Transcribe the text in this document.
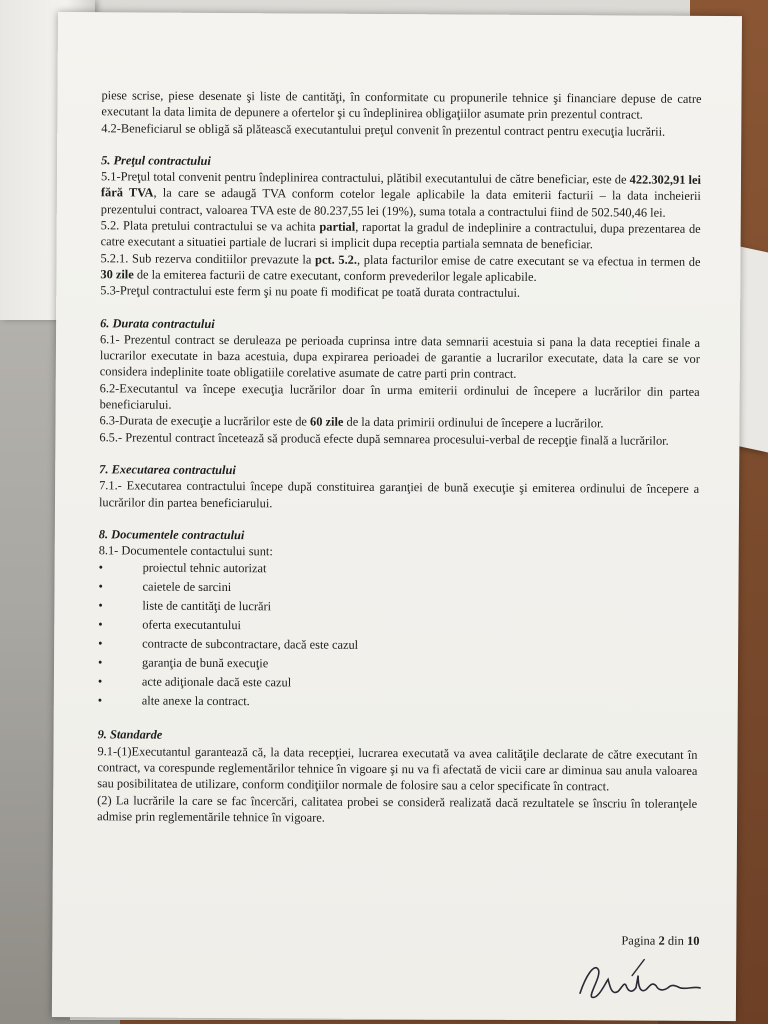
piese scrise, piese desenate şi liste de cantităţi, în conformitate cu propunerile tehnice şi financiare depuse de catre executant la data limita de depunere a ofertelor şi cu îndeplinirea obligaţiilor asumate prin prezentul contract.

4.2-Beneficiarul se obligă să plătească executantului preţul convenit în prezentul contract pentru execuţia lucrării.

5. Preţul contractului

5.1-Preţul total convenit pentru îndeplinirea contractului, plătibil executantului de către beneficiar, este de 422.302,91 lei fără TVA, la care se adaugă TVA conform cotelor legale aplicabile la data emiterii facturii – la data incheierii prezentului contract, valoarea TVA este de 80.237,55 lei (19%), suma totala a contractului fiind de 502.540,46 lei.

5.2. Plata pretului contractului se va achita partial, raportat la gradul de indeplinire a contractului, dupa prezentarea de catre executant a situatiei partiale de lucrari si implicit dupa receptia partiala semnata de beneficiar.

5.2.1. Sub rezerva conditiilor prevazute la pct. 5.2., plata facturilor emise de catre executant se va efectua in termen de 30 zile de la emiterea facturii de catre executant, conform prevederilor legale aplicabile.

5.3-Preţul contractului este ferm şi nu poate fi modificat pe toată durata contractului.

6. Durata contractului

6.1- Prezentul contract se deruleaza pe perioada cuprinsa intre data semnarii acestuia si pana la data receptiei finale a lucrarilor executate in baza acestuia, dupa expirarea perioadei de garantie a lucrarilor executate, data la care se vor considera indeplinite toate obligatiile corelative asumate de catre parti prin contract.

6.2-Executantul va începe execuţia lucrărilor doar în urma emiterii ordinului de începere a lucrărilor din partea beneficiarului.

6.3-Durata de execuţie a lucrărilor este de 60 zile de la data primirii ordinului de începere a lucrărilor.

6.5.- Prezentul contract încetează să producă efecte după semnarea procesului-verbal de recepţie finală a lucrărilor.

7. Executarea contractului

7.1.- Executarea contractului începe după constituirea garanţiei de bună execuţie şi emiterea ordinului de începere a lucrărilor din partea beneficiarului.

8. Documentele contractului

8.1- Documentele contactului sunt:

•	proiectul tehnic autorizat
•	caietele de sarcini
•	liste de cantităţi de lucrări
•	oferta executantului
•	contracte de subcontractare, dacă este cazul
•	garanţia de bună execuţie
•	acte adiţionale dacă este cazul
•	alte anexe la contract.

9. Standarde

9.1-(1)Executantul garantează că, la data recepţiei, lucrarea executată va avea calităţile declarate de către executant în contract, va corespunde reglementărilor tehnice în vigoare şi nu va fi afectată de vicii care ar diminua sau anula valoarea sau posibilitatea de utilizare, conform condiţiilor normale de folosire sau a celor specificate în contract.

(2) La lucrările la care se fac încercări, calitatea probei se consideră realizată dacă rezultatele se înscriu în toleranţele admise prin reglementările tehnice în vigoare.

Pagina 2 din 10
